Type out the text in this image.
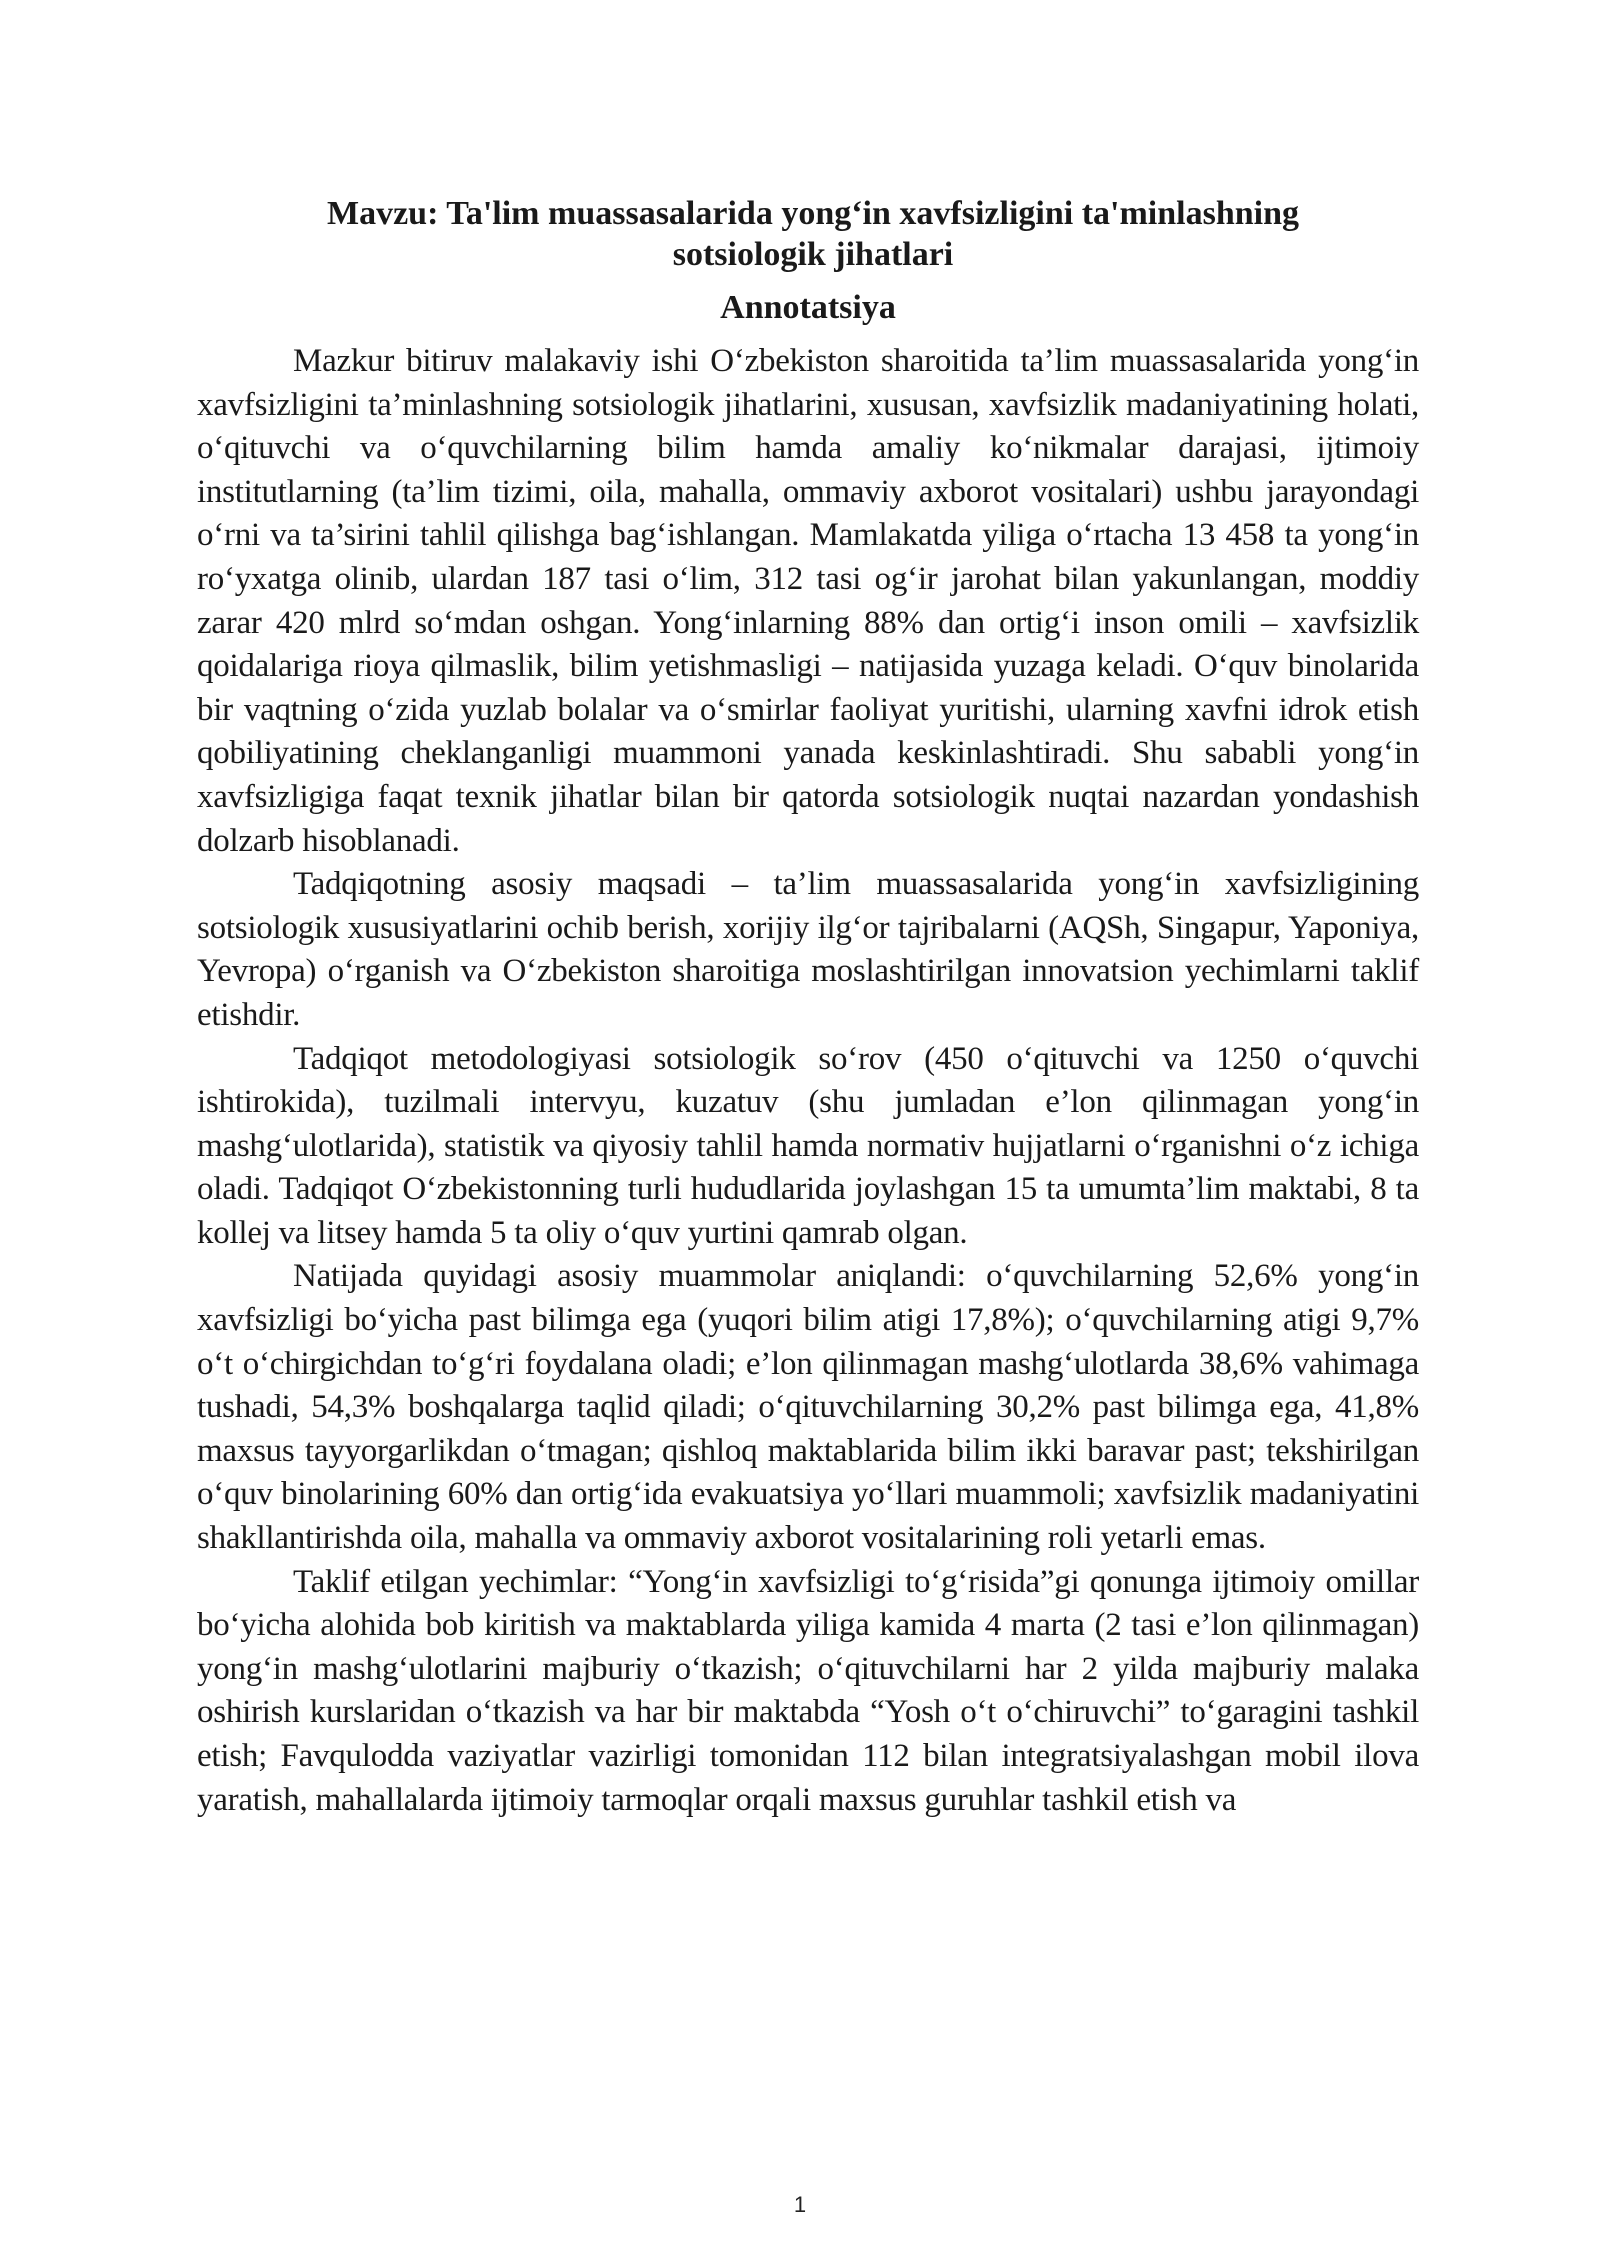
Mavzu: Ta'lim muassasalarida yong‘in xavfsizligini ta'minlashning
sotsiologik jihatlari
Annotatsiya

Mazkur bitiruv malakaviy ishi O‘zbekiston sharoitida ta’lim muassasalarida yong‘in xavfsizligini ta’minlashning sotsiologik jihatlarini, xususan, xavfsizlik madaniyatining holati, o‘qituvchi va o‘quvchilarning bilim hamda amaliy ko‘nikmalar darajasi, ijtimoiy institutlarning (ta’lim tizimi, oila, mahalla, ommaviy axborot vositalari) ushbu jarayondagi o‘rni va ta’sirini tahlil qilishga bag‘ishlangan. Mamlakatda yiliga o‘rtacha 13 458 ta yong‘in ro‘yxatga olinib, ulardan 187 tasi o‘lim, 312 tasi og‘ir jarohat bilan yakunlangan, moddiy zarar 420 mlrd so‘mdan oshgan. Yong‘inlarning 88% dan ortig‘i inson omili – xavfsizlik qoidalariga rioya qilmaslik, bilim yetishmasligi – natijasida yuzaga keladi. O‘quv binolarida bir vaqtning o‘zida yuzlab bolalar va o‘smirlar faoliyat yuritishi, ularning xavfni idrok etish qobiliyatining cheklanganligi muammoni yanada keskinlashtiradi. Shu sababli yong‘in xavfsizligiga faqat texnik jihatlar bilan bir qatorda sotsiologik nuqtai nazardan yondashish dolzarb hisoblanadi.

Tadqiqotning asosiy maqsadi – ta’lim muassasalarida yong‘in xavfsizligining sotsiologik xususiyatlarini ochib berish, xorijiy ilg‘or tajribalarni (AQSh, Singapur, Yaponiya, Yevropa) o‘rganish va O‘zbekiston sharoitiga moslashtirilgan innovatsion yechimlarni taklif etishdir.

Tadqiqot metodologiyasi sotsiologik so‘rov (450 o‘qituvchi va 1250 o‘quvchi ishtirokida), tuzilmali intervyu, kuzatuv (shu jumladan e’lon qilinmagan yong‘in mashg‘ulotlarida), statistik va qiyosiy tahlil hamda normativ hujjatlarni o‘rganishni o‘z ichiga oladi. Tadqiqot O‘zbekistonning turli hududlarida joylashgan 15 ta umumta’lim maktabi, 8 ta kollej va litsey hamda 5 ta oliy o‘quv yurtini qamrab olgan.

Natijada quyidagi asosiy muammolar aniqlandi: o‘quvchilarning 52,6% yong‘in xavfsizligi bo‘yicha past bilimga ega (yuqori bilim atigi 17,8%); o‘quvchilarning atigi 9,7% o‘t o‘chirgichdan to‘g‘ri foydalana oladi; e’lon qilinmagan mashg‘ulotlarda 38,6% vahimaga tushadi, 54,3% boshqalarga taqlid qiladi; o‘qituvchilarning 30,2% past bilimga ega, 41,8% maxsus tayyorgarlikdan o‘tmagan; qishloq maktablarida bilim ikki baravar past; tekshirilgan o‘quv binolarining 60% dan ortig‘ida evakuatsiya yo‘llari muammoli; xavfsizlik madaniyatini shakllantirishda oila, mahalla va ommaviy axborot vositalarining roli yetarli emas.

Taklif etilgan yechimlar: “Yong‘in xavfsizligi to‘g‘risida”gi qonunga ijtimoiy omillar bo‘yicha alohida bob kiritish va maktablarda yiliga kamida 4 marta (2 tasi e’lon qilinmagan) yong‘in mashg‘ulotlarini majburiy o‘tkazish; o‘qituvchilarni har 2 yilda majburiy malaka oshirish kurslaridan o‘tkazish va har bir maktabda “Yosh o‘t o‘chiruvchi” to‘garagini tashkil etish; Favqulodda vaziyatlar vazirligi tomonidan 112 bilan integratsiyalashgan mobil ilova yaratish, mahallalarda ijtimoiy tarmoqlar orqali maxsus guruhlar tashkil etish va

1
